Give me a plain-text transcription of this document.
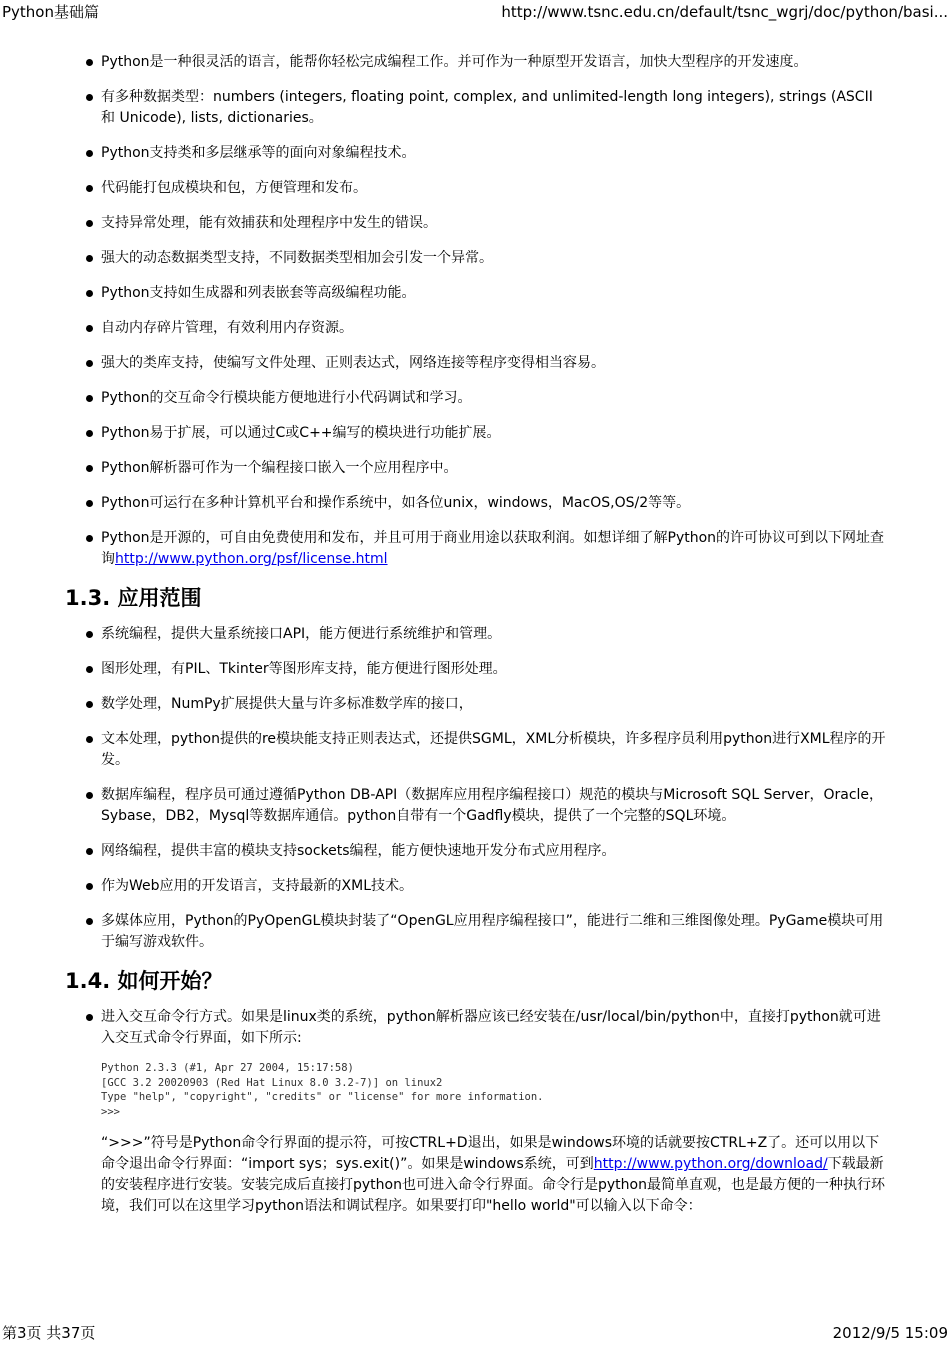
Python基础篇	http://www.tsnc.edu.cn/default/tsnc_wgrj/doc/python/basi...
Python是一种很灵活的语言，能帮你轻松完成编程工作。并可作为一种原型开发语言，加快大型程序的开发速度。
有多种数据类型：numbers (integers, floating point, complex, and unlimited-length long integers), strings (ASCII 和 Unicode), lists, dictionaries。
Python支持类和多层继承等的面向对象编程技术。
代码能打包成模块和包，方便管理和发布。
支持异常处理，能有效捕获和处理程序中发生的错误。
强大的动态数据类型支持，不同数据类型相加会引发一个异常。
Python支持如生成器和列表嵌套等高级编程功能。
自动内存碎片管理，有效利用内存资源。
强大的类库支持，使编写文件处理、正则表达式，网络连接等程序变得相当容易。
Python的交互命令行模块能方便地进行小代码调试和学习。
Python易于扩展，可以通过C或C++编写的模块进行功能扩展。
Python解析器可作为一个编程接口嵌入一个应用程序中。
Python可运行在多种计算机平台和操作系统中，如各位unix，windows，MacOS,OS/2等等。
Python是开源的，可自由免费使用和发布，并且可用于商业用途以获取利润。如想详细了解Python的许可协议可到以下网址查询http://www.python.org/psf/license.html
1.3. 应用范围
系统编程，提供大量系统接口API，能方便进行系统维护和管理。
图形处理，有PIL、Tkinter等图形库支持，能方便进行图形处理。
数学处理，NumPy扩展提供大量与许多标准数学库的接口，
文本处理，python提供的re模块能支持正则表达式，还提供SGML，XML分析模块，许多程序员利用python进行XML程序的开发。
数据库编程，程序员可通过遵循Python DB-API（数据库应用程序编程接口）规范的模块与Microsoft SQL Server，Oracle，Sybase，DB2，Mysql等数据库通信。python自带有一个Gadfly模块，提供了一个完整的SQL环境。
网络编程，提供丰富的模块支持sockets编程，能方便快速地开发分布式应用程序。
作为Web应用的开发语言，支持最新的XML技术。
多媒体应用，Python的PyOpenGL模块封装了“OpenGL应用程序编程接口”，能进行二维和三维图像处理。PyGame模块可用于编写游戏软件。
1.4. 如何开始？
进入交互命令行方式。如果是linux类的系统，python解析器应该已经安装在/usr/local/bin/python中，直接打python就可进入交互式命令行界面，如下所示:
Python 2.3.3 (#1, Apr 27 2004, 15:17:58)
[GCC 3.2 20020903 (Red Hat Linux 8.0 3.2-7)] on linux2
Type "help", "copyright", "credits" or "license" for more information.
>>>
“>>>”符号是Python命令行界面的提示符，可按CTRL+D退出，如果是windows环境的话就要按CTRL+Z了。还可以用以下命令退出命令行界面：“import sys；sys.exit()”。如果是windows系统，可到http://www.python.org/download/下载最新的安装程序进行安装。安装完成后直接打python也可进入命令行界面。命令行是python最简单直观，也是最方便的一种执行环境，我们可以在这里学习python语法和调试程序。如果要打印"hello world"可以输入以下命令：
第3页 共37页	2012/9/5 15:09
